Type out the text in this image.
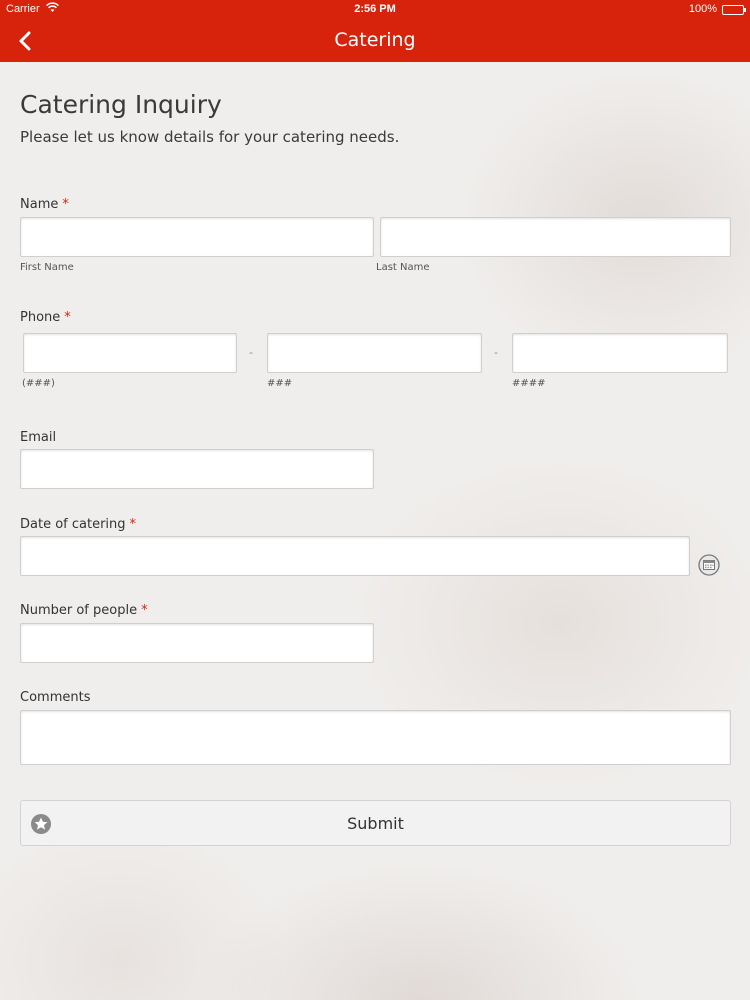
Carrier	2:56 PM	100%
Catering
Catering Inquiry
Please let us know details for your catering needs.
Name *
First Name	Last Name
Phone *
-	-
(###)	###	####
Email
Date of catering *
Number of people *
Comments
Submit
